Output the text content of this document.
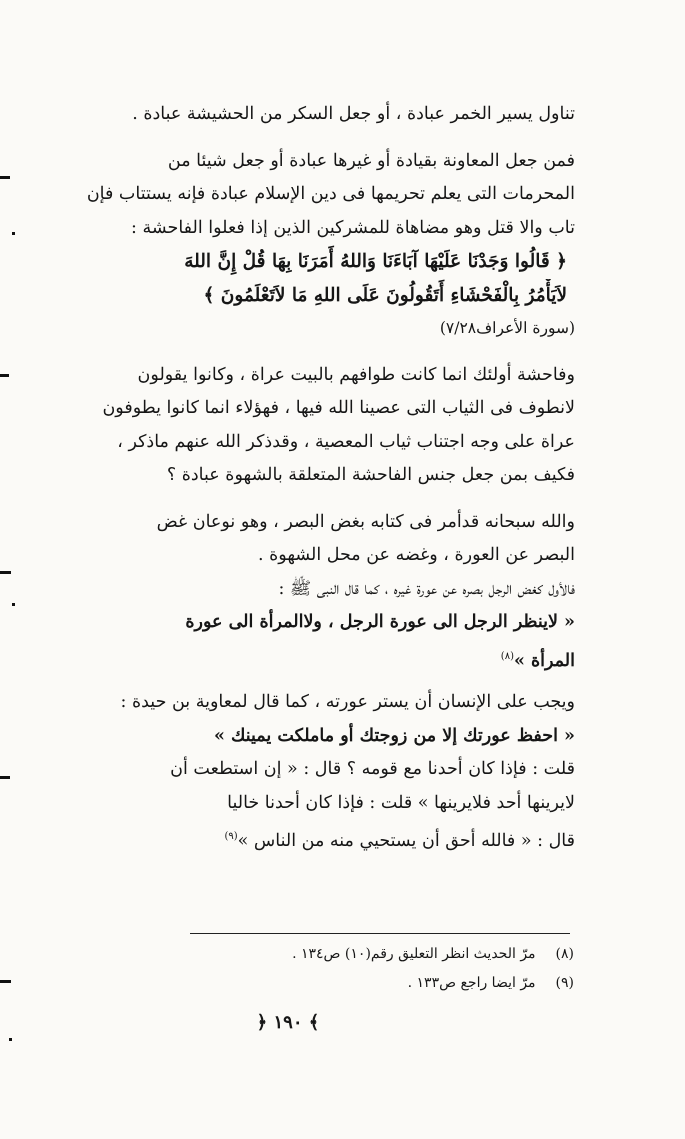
تناول يسير الخمر عبادة ، أو جعل السكر من الحشيشة عبادة .
فمن جعل المعاونة بقيادة أو غيرها عبادة أو جعل شيئا من
المحرمات التى يعلم تحريمها فى دين الإسلام عبادة فإنه يستتاب فإن
تاب والا قتل وهو مضاهاة للمشركين الذين إذا فعلوا الفاحشة :
﴿ قَالُوا وَجَدْنَا عَلَيْهَا آبَاءَنَا وَاللهُ أَمَرَنَا بِهَا قُلْ إِنَّ اللهَ
لاَيَأْمُرُ بِالْفَحْشَاءِ أَتَقُولُونَ عَلَى اللهِ مَا لاَتَعْلَمُونَ ﴾
(سورة الأعراف٧/٢٨)
وفاحشة أولئك انما كانت طوافهم بالبيت عراة ، وكانوا يقولون
لانطوف فى الثياب التى عصينا الله فيها ، فهؤلاء انما كانوا يطوفون
عراة على وجه اجتناب ثياب المعصية ، وقدذكر الله عنهم ماذكر ،
فكيف بمن جعل جنس الفاحشة المتعلقة بالشهوة عبادة ؟
والله سبحانه قدأمر فى كتابه بغض البصر ، وهو نوعان غض
البصر عن العورة ، وغضه عن محل الشهوة .
فالأول كغض الرجل بصره عن عورة غيره ، كما قال النبى ﷺ :
« لاينظر الرجل الى عورة الرجل ، ولاالمرأة الى عورة
المرأة »$^{(٨)}$
ويجب على الإنسان أن يستر عورته ، كما قال لمعاوية بن حيدة :
« احفظ عورتك إلا من زوجتك أو ماملكت يمينك »
قلت : فإذا كان أحدنا مع قومه ؟ قال : « إن استطعت أن
لايرينها أحد فلايرينها » قلت : فإذا كان أحدنا خاليا
قال : « فالله أحق أن يستحيي منه من الناس »$^{(٩)}$
(٨) مرّ الحديث انظر التعليق رقم(١٠) ص١٣٤ .
(٩) مرّ ايضا راجع ص١٣٣ .
﴿ ١٩٠ ﴾
